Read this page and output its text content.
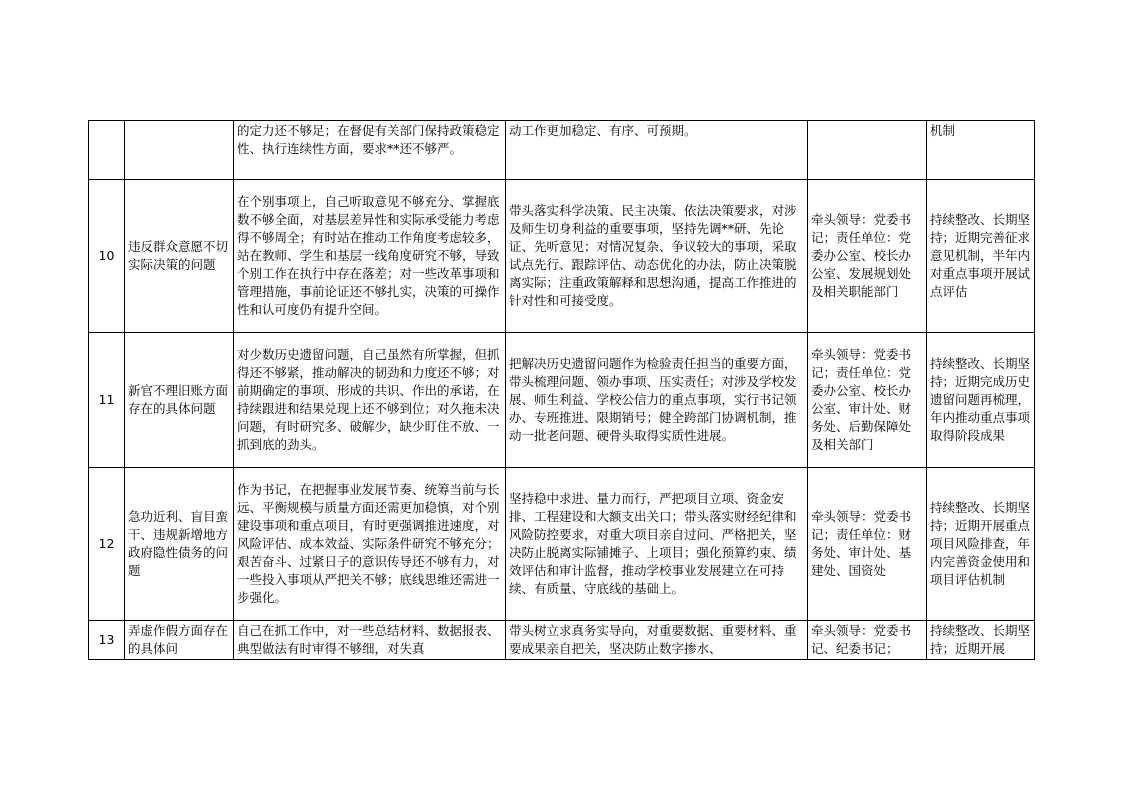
		的定力还不够足；在督促有关部门保持政策稳定性、执行连续性方面，要求**还不够严。	动工作更加稳定、有序、可预期。		机制
10	违反群众意愿不切实际决策的问题	在个别事项上，自己听取意见不够充分、掌握底数不够全面，对基层差异性和实际承受能力考虑得不够周全；有时站在推动工作角度考虑较多，站在教师、学生和基层一线角度研究不够，导致个别工作在执行中存在落差；对一些改革事项和管理措施，事前论证还不够扎实，决策的可操作性和认可度仍有提升空间。	带头落实科学决策、民主决策、依法决策要求，对涉及师生切身利益的重要事项，坚持先调**研、先论证、先听意见；对情况复杂、争议较大的事项，采取试点先行、跟踪评估、动态优化的办法，防止决策脱离实际；注重政策解释和思想沟通，提高工作推进的针对性和可接受度。	牵头领导：党委书记；责任单位：党委办公室、校长办公室、发展规划处及相关职能部门	持续整改、长期坚持；近期完善征求意见机制，半年内对重点事项开展试点评估
11	新官不理旧账方面存在的具体问题	对少数历史遗留问题，自己虽然有所掌握，但抓得还不够紧，推动解决的韧劲和力度还不够；对前期确定的事项、形成的共识、作出的承诺，在持续跟进和结果兑现上还不够到位；对久拖未决问题，有时研究多、破解少，缺少盯住不放、一抓到底的劲头。	把解决历史遗留问题作为检验责任担当的重要方面，带头梳理问题、领办事项、压实责任；对涉及学校发展、师生利益、学校公信力的重点事项，实行书记领办、专班推进、限期销号；健全跨部门协调机制，推动一批老问题、硬骨头取得实质性进展。	牵头领导：党委书记；责任单位：党委办公室、校长办公室、审计处、财务处、后勤保障处及相关部门	持续整改、长期坚持；近期完成历史遗留问题再梳理，年内推动重点事项取得阶段成果
12	急功近利、盲目蛮干、违规新增地方政府隐性债务的问题	作为书记，在把握事业发展节奏、统筹当前与长远、平衡规模与质量方面还需更加稳慎，对个别建设事项和重点项目，有时更强调推进速度，对风险评估、成本效益、实际条件研究不够充分；艰苦奋斗、过紧日子的意识传导还不够有力，对一些投入事项从严把关不够；底线思维还需进一步强化。	坚持稳中求进、量力而行，严把项目立项、资金安排、工程建设和大额支出关口；带头落实财经纪律和风险防控要求，对重大项目亲自过问、严格把关，坚决防止脱离实际铺摊子、上项目；强化预算约束、绩效评估和审计监督，推动学校事业发展建立在可持续、有质量、守底线的基础上。	牵头领导：党委书记；责任单位：财务处、审计处、基建处、国资处	持续整改、长期坚持；近期开展重点项目风险排查，年内完善资金使用和项目评估机制
13	弄虚作假方面存在的具体问	自己在抓工作中，对一些总结材料、数据报表、典型做法有时审得不够细，对失真	带头树立求真务实导向，对重要数据、重要材料、重要成果亲自把关，坚决防止数字掺水、	牵头领导：党委书记、纪委书记；	持续整改、长期坚持；近期开展
